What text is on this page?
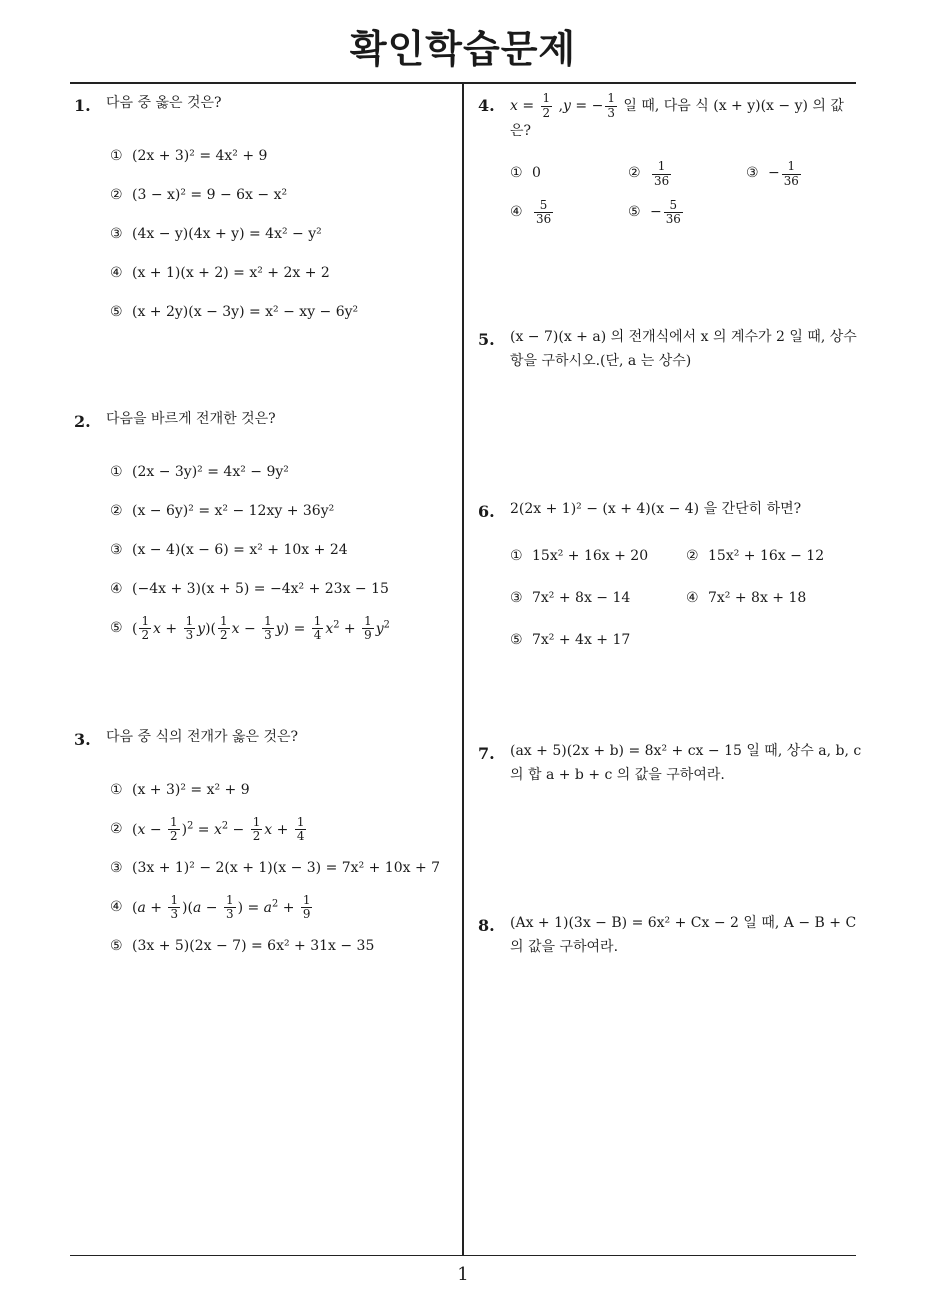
확인학습문제
1
1.	다음 중 옳은 것은?
① (2x + 3)² = 4x² + 9
② (3 − x)² = 9 − 6x − x²
③ (4x − y)(4x + y) = 4x² − y²
④ (x + 1)(x + 2) = x² + 2x + 2
⑤ (x + 2y)(x − 3y) = x² − xy − 6y²
2.	다음을 바르게 전개한 것은?
① (2x − 3y)² = 4x² − 9y²
② (x − 6y)² = x² − 12xy + 36y²
③ (x − 4)(x − 6) = x² + 10x + 24
④ (−4x + 3)(x + 5) = −4x² + 23x − 15
⑤ ( $\frac{1}{2}$ $x + \frac{1}{3} y)( \frac{1}{2}$ $x - \frac{1}{3} y) = \frac{1}{4} x^2 + \frac{1}{9} y^2$
3.	다음 중 식의 전개가 옳은 것은?
① (x + 3)² = x² + 9
② $(x - \frac{1}{2} )^2 = x^2 - \frac{1}{2}$ $x + \frac{1}{4}$
③ (3x + 1)² − 2(x + 1)(x − 3) = 7x² + 10x + 7
④ $(a + \frac{1}{3} )(a - \frac{1}{3}$ ) = $a^2 + \frac{1}{9}$
⑤ (3x + 5)(2x − 7) = 6x² + 31x − 35
4.	$x = \frac{1}{2} ,y$ = − $\frac{1}{3}$ 일 때, 다음 식 (x + y)(x − y) 의 값은?
① 0	② $\frac{1}{36}$	③ − $\frac{1}{36}$
④ $\frac{5}{36}$	⑤ − $\frac{5}{36}$
5.	(x − 7)(x + a) 의 전개식에서 x 의 계수가 2 일 때, 상수항을 구하시오.(단, a 는 상수)
6.	2(2x + 1)² − (x + 4)(x − 4) 을 간단히 하면?
① 15x² + 16x + 20	② 15x² + 16x − 12
③ 7x² + 8x − 14	④ 7x² + 8x + 18
⑤ 7x² + 4x + 17
7.	(ax + 5)(2x + b) = 8x² + cx − 15 일 때, 상수 a, b, c 의 합 a + b + c 의 값을 구하여라.
8.	(Ax + 1)(3x − B) = 6x² + Cx − 2 일 때, A − B + C 의 값을 구하여라.
